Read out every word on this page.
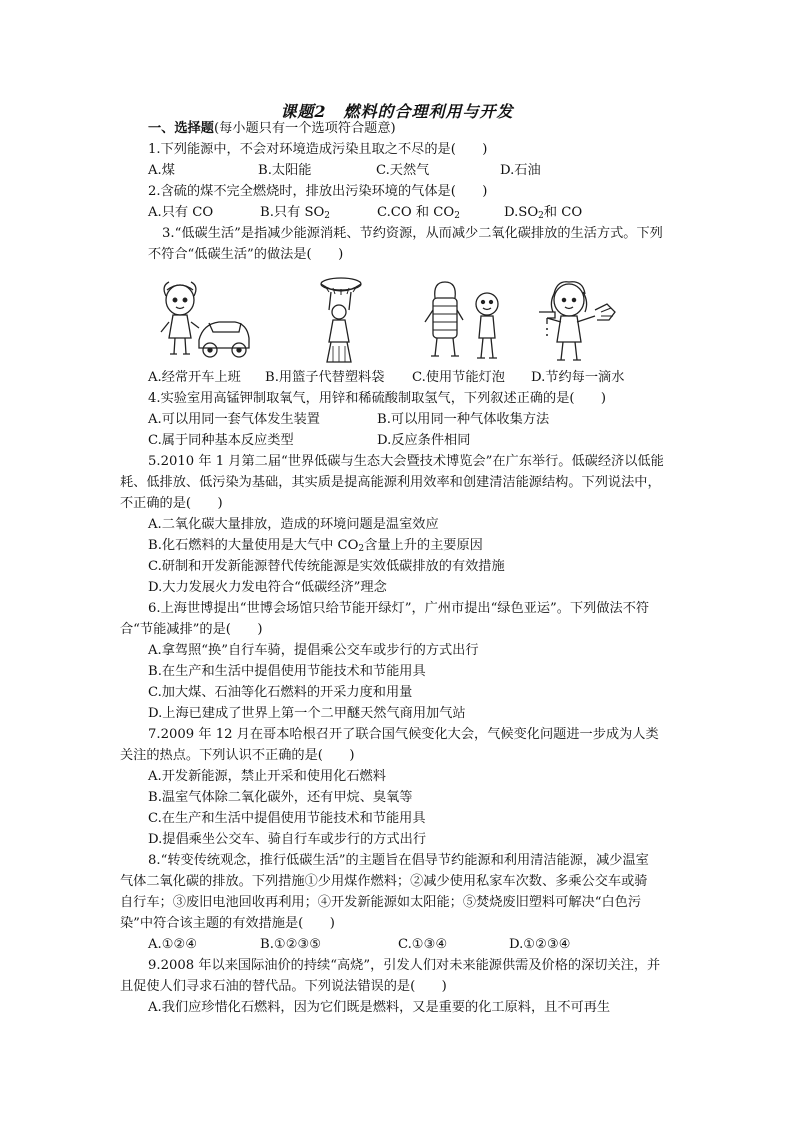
课题2　燃料的合理利用与开发
一、选择题(每小题只有一个选项符合题意)
1.下列能源中，不会对环境造成污染且取之不尽的是(　　)
A.煤	B.太阳能	C.天然气	D.石油
2.含硫的煤不完全燃烧时，排放出污染环境的气体是(　　)
A.只有 CO	B.只有 $SO_2$	C.CO 和 $CO_2$	$D.SO_2$和 CO
3.“低碳生活”是指减少能源消耗、节约资源，从而减少二氧化碳排放的生活方式。下列
不符合“低碳生活”的做法是(　　)
A.经常开车上班 B.用篮子代替塑料袋 C.使用节能灯泡 D.节约每一滴水
4.实验室用高锰钾制取氧气，用锌和稀硫酸制取氢气，下列叙述正确的是(　　)
A.可以用同一套气体发生装置	B.可以用同一种气体收集方法
C.属于同种基本反应类型	D.反应条件相同
5.2010 年 1 月第二届“世界低碳与生态大会暨技术博览会”在广东举行。低碳经济以低能
耗、低排放、低污染为基础，其实质是提高能源利用效率和创建清洁能源结构。下列说法中，
不正确的是(　　)
A.二氧化碳大量排放，造成的环境问题是温室效应
B.化石燃料的大量使用是大气中 $CO_2$含量上升的主要原因
C.研制和开发新能源替代传统能源是实效低碳排放的有效措施
D.大力发展火力发电符合“低碳经济”理念
6.上海世博提出“世博会场馆只给节能开绿灯”，广州市提出“绿色亚运”。下列做法不符
合“节能减排”的是(　　)
A.拿驾照“换”自行车骑，提倡乘公交车或步行的方式出行
B.在生产和生活中提倡使用节能技术和节能用具
C.加大煤、石油等化石燃料的开采力度和用量
D.上海已建成了世界上第一个二甲醚天然气商用加气站
7.2009 年 12 月在哥本哈根召开了联合国气候变化大会，气候变化问题进一步成为人类
关注的热点。下列认识不正确的是(　　)
A.开发新能源，禁止开采和使用化石燃料
B.温室气体除二氧化碳外，还有甲烷、臭氧等
C.在生产和生活中提倡使用节能技术和节能用具
D.提倡乘坐公交车、骑自行车或步行的方式出行
8.“转变传统观念，推行低碳生活”的主题旨在倡导节约能源和利用清洁能源，减少温室
气体二氧化碳的排放。下列措施①少用煤作燃料；②减少使用私家车次数、多乘公交车或骑
自行车；③废旧电池回收再利用；④开发新能源如太阳能；⑤焚烧废旧塑料可解决“白色污
染”中符合该主题的有效措施是(　　)
A.①②④	B.①②③⑤	C.①③④	D.①②③④
9.2008 年以来国际油价的持续“高烧”，引发人们对未来能源供需及价格的深切关注，并
且促使人们寻求石油的替代品。下列说法错误的是(　　)
A.我们应珍惜化石燃料，因为它们既是燃料，又是重要的化工原料，且不可再生
